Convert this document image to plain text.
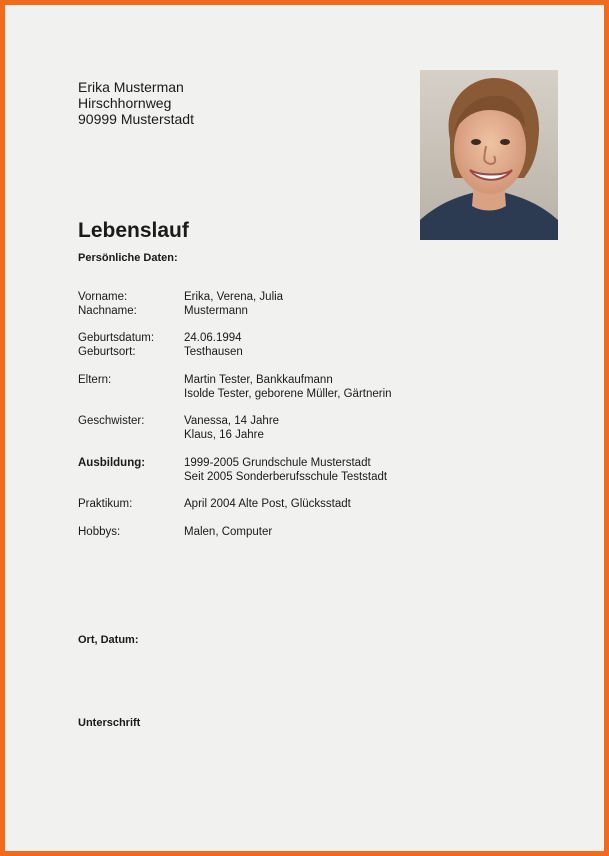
Erika Musterman
Hirschhornweg
90999 Musterstadt
Lebenslauf
Persönliche Daten:
Vorname:	Erika, Verena, Julia
Nachname:	Mustermann
Geburtsdatum:	24.06.1994
Geburtsort:	Testhausen
Eltern:	Martin Tester, Bankkaufmann
Isolde Tester, geborene Müller, Gärtnerin
Geschwister:	Vanessa, 14 Jahre
Klaus, 16 Jahre
Ausbildung:	1999-2005 Grundschule Musterstadt
Seit 2005 Sonderberufsschule Teststadt
Praktikum:	April 2004 Alte Post, Glücksstadt
Hobbys:	Malen, Computer
Ort, Datum:
Unterschrift
